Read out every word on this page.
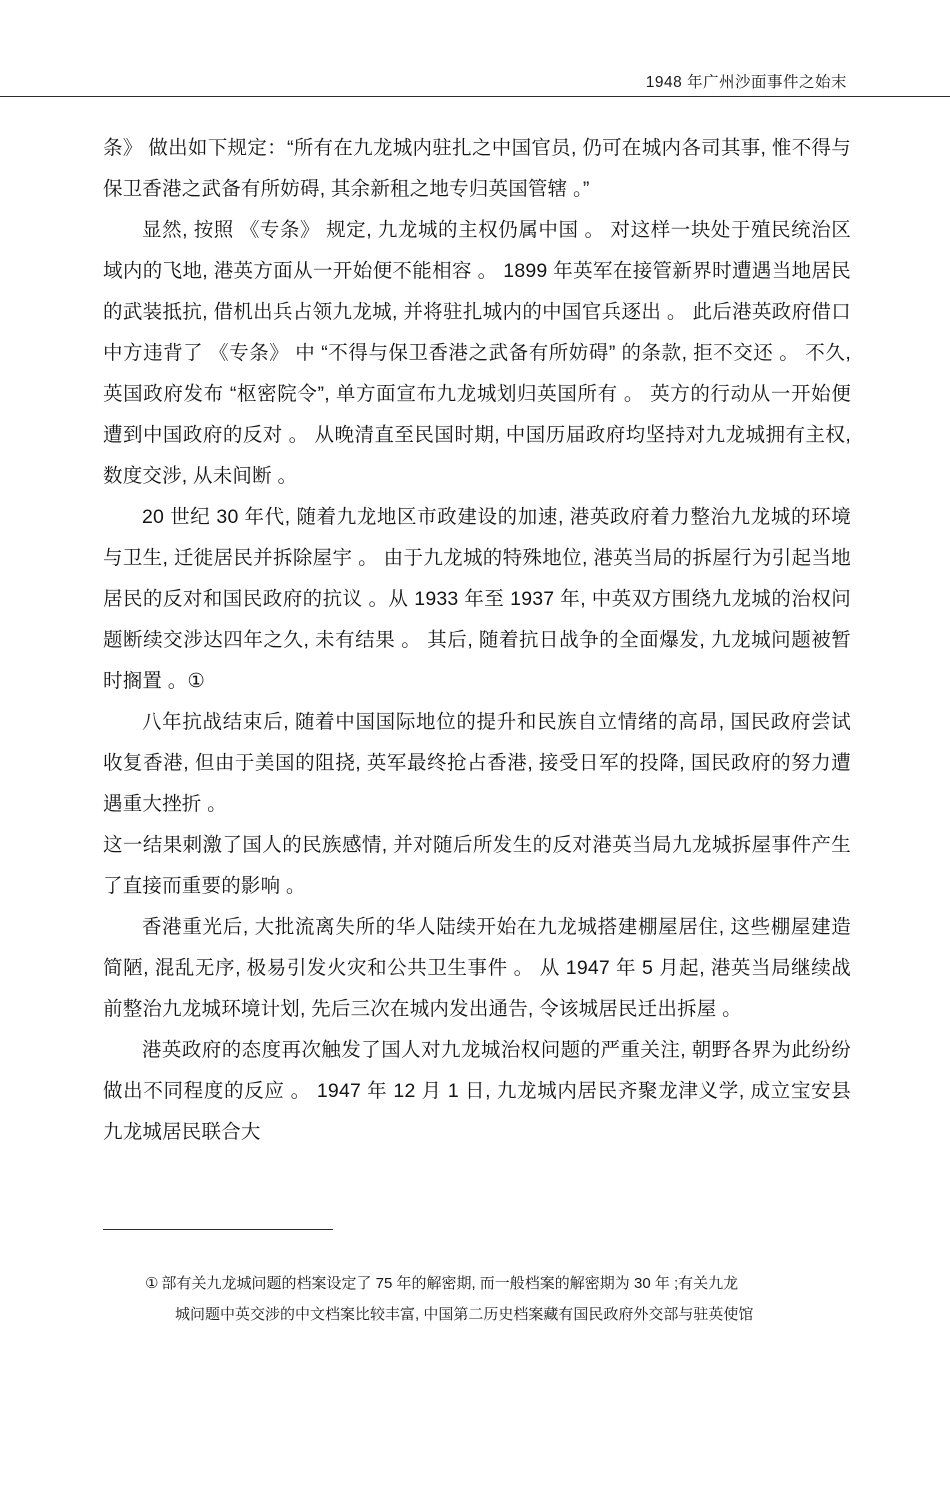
1948 年广州沙面事件之始末

条》 做出如下规定：“所有在九龙城内驻扎之中国官员, 仍可在城内各司其事, 惟不得与保卫香港之武备有所妨碍, 其余新租之地专归英国管辖 。”

显然, 按照 《专条》 规定, 九龙城的主权仍属中国 。 对这样一块处于殖民统治区域内的飞地, 港英方面从一开始便不能相容 。 1899 年英军在接管新界时遭遇当地居民的武装抵抗, 借机出兵占领九龙城, 并将驻扎城内的中国官兵逐出 。 此后港英政府借口中方违背了 《专条》 中 “不得与保卫香港之武备有所妨碍” 的条款, 拒不交还 。 不久, 英国政府发布 “枢密院令”, 单方面宣布九龙城划归英国所有 。 英方的行动从一开始便遭到中国政府的反对 。 从晚清直至民国时期, 中国历届政府均坚持对九龙城拥有主权, 数度交涉, 从未间断 。

20 世纪 30 年代, 随着九龙地区市政建设的加速, 港英政府着力整治九龙城的环境与卫生, 迁徙居民并拆除屋宇 。 由于九龙城的特殊地位, 港英当局的拆屋行为引起当地居民的反对和国民政府的抗议 。从 1933 年至 1937 年, 中英双方围绕九龙城的治权问题断续交涉达四年之久, 未有结果 。 其后, 随着抗日战争的全面爆发, 九龙城问题被暂时搁置 。①

八年抗战结束后, 随着中国国际地位的提升和民族自立情绪的高昂, 国民政府尝试收复香港, 但由于美国的阻挠, 英军最终抢占香港, 接受日军的投降, 国民政府的努力遭遇重大挫折 。

这一结果刺激了国人的民族感情, 并对随后所发生的反对港英当局九龙城拆屋事件产生了直接而重要的影响 。

香港重光后, 大批流离失所的华人陆续开始在九龙城搭建棚屋居住, 这些棚屋建造简陋, 混乱无序, 极易引发火灾和公共卫生事件 。 从 1947 年 5 月起, 港英当局继续战前整治九龙城环境计划, 先后三次在城内发出通告, 令该城居民迁出拆屋 。

港英政府的态度再次触发了国人对九龙城治权问题的严重关注, 朝野各界为此纷纷做出不同程度的反应 。 1947 年 12 月 1 日, 九龙城内居民齐聚龙津义学, 成立宝安县九龙城居民联合大

① 部有关九龙城问题的档案设定了 75 年的解密期, 而一般档案的解密期为 30 年 ;有关九龙
城问题中英交涉的中文档案比较丰富, 中国第二历史档案藏有国民政府外交部与驻英使馆
